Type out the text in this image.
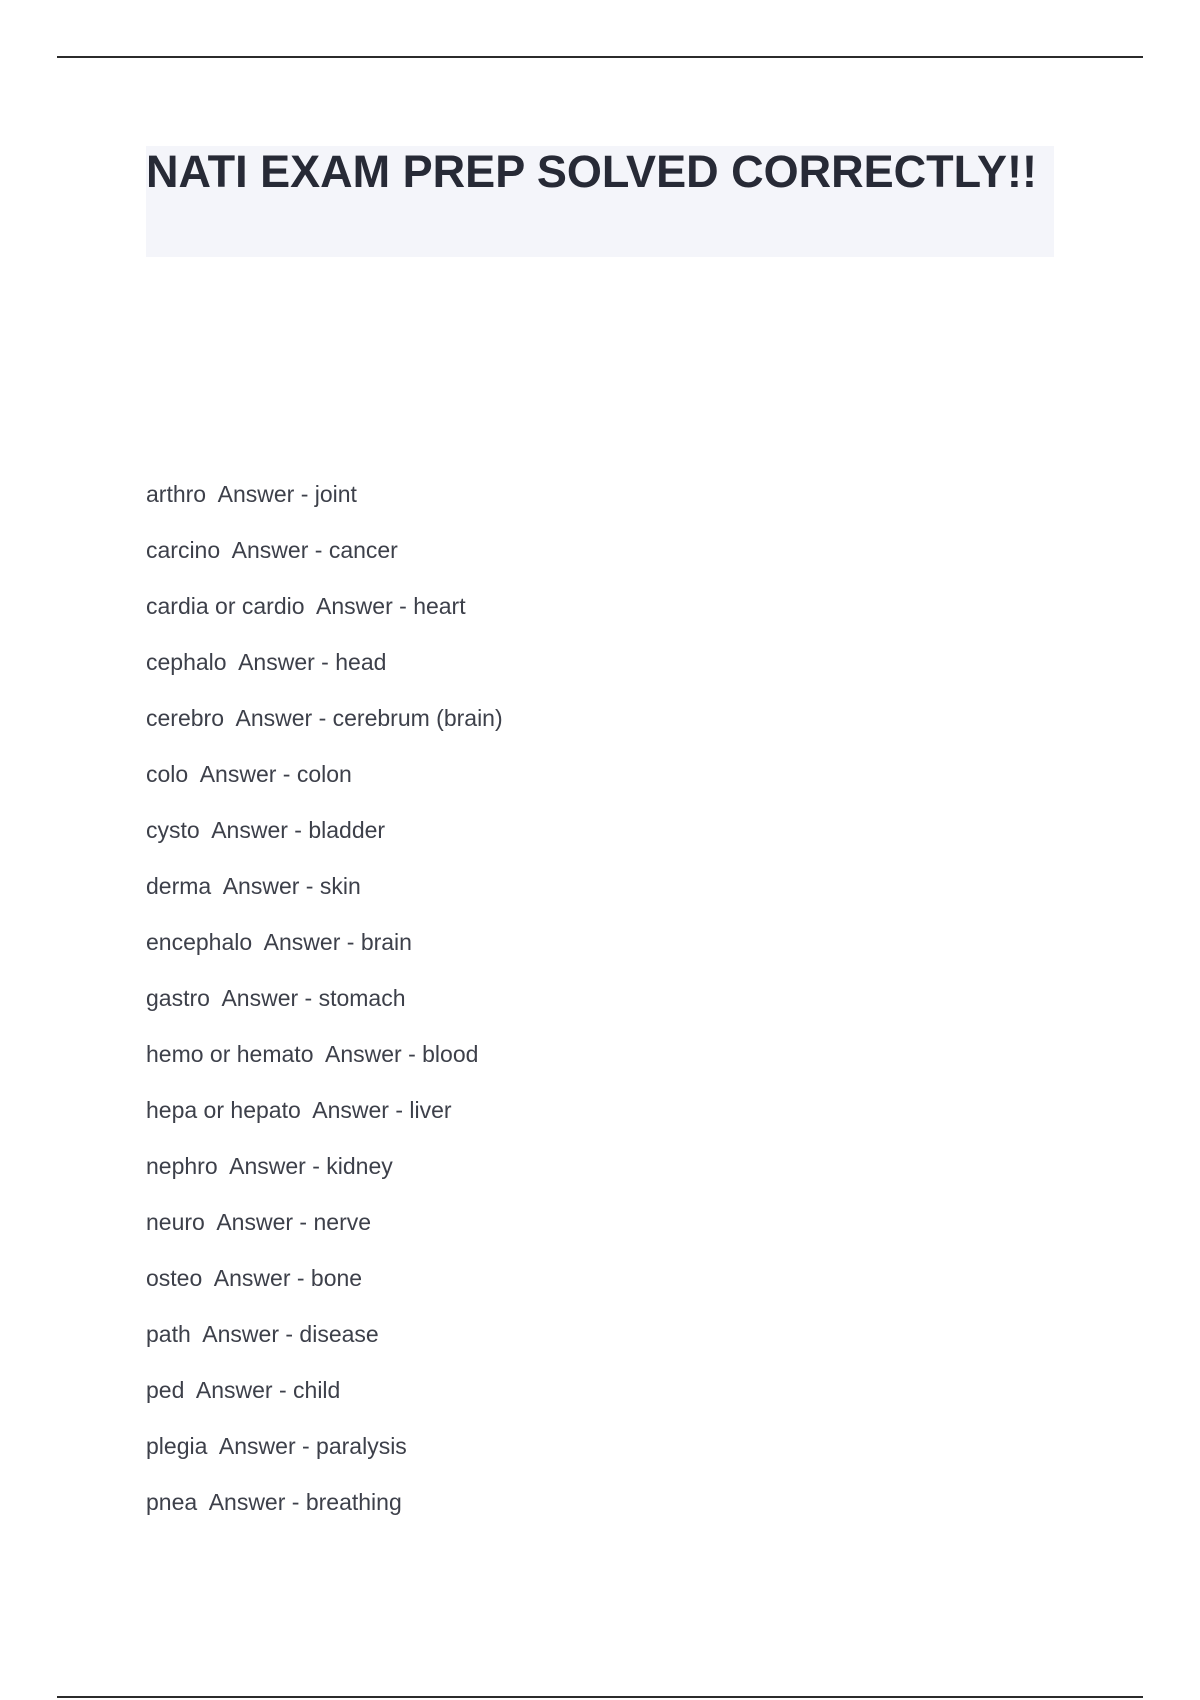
NATI EXAM PREP SOLVED CORRECTLY!!
arthro Answer - joint
carcino Answer - cancer
cardia or cardio Answer - heart
cephalo Answer - head
cerebro Answer - cerebrum (brain)
colo Answer - colon
cysto Answer - bladder
derma Answer - skin
encephalo Answer - brain
gastro Answer - stomach
hemo or hemato Answer - blood
hepa or hepato Answer - liver
nephro Answer - kidney
neuro Answer - nerve
osteo Answer - bone
path Answer - disease
ped Answer - child
plegia Answer - paralysis
pnea Answer - breathing
